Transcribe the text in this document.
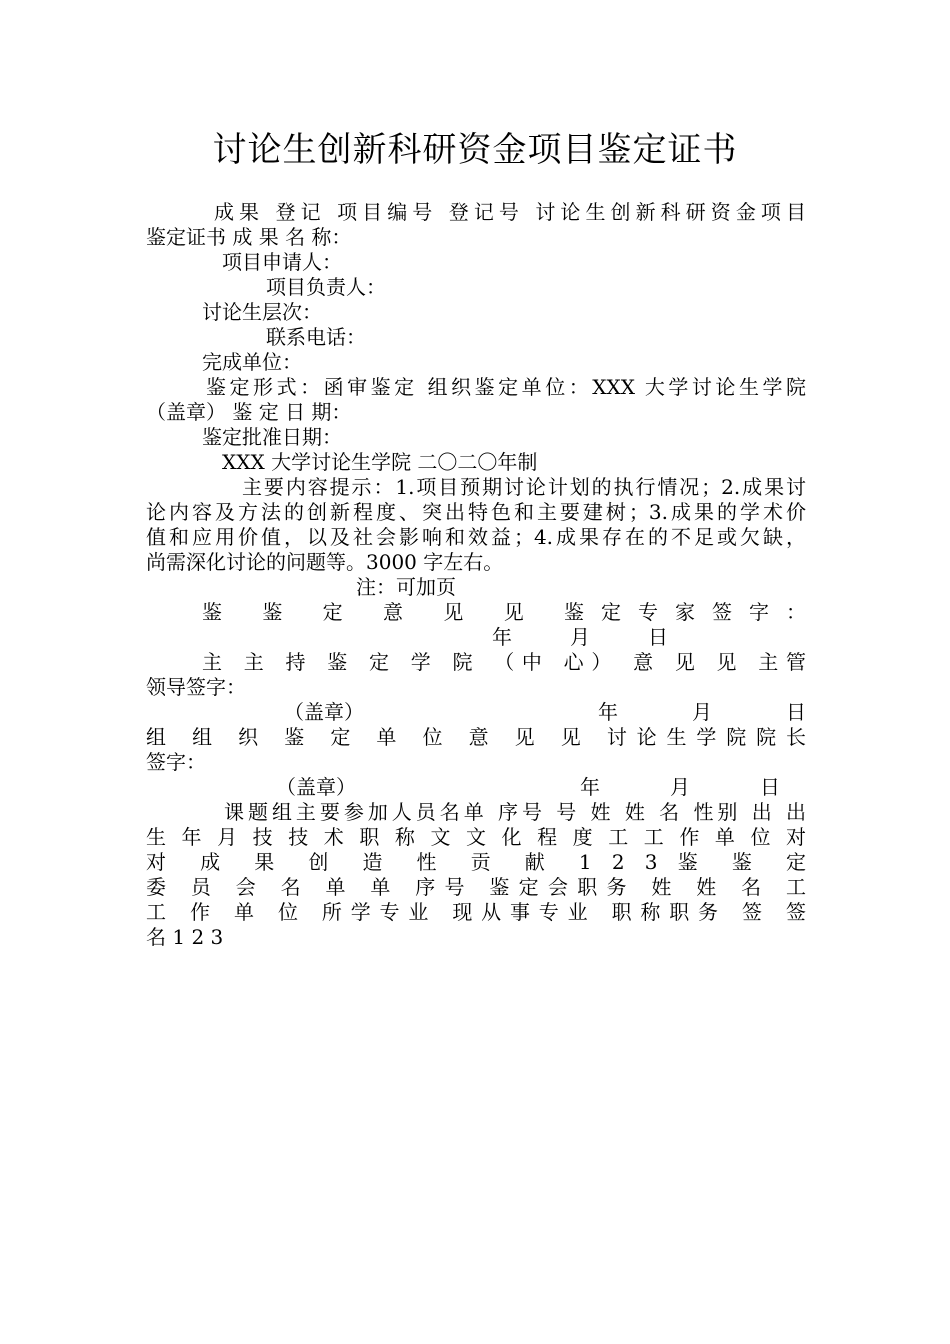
讨论生创新科研资金项目鉴定证书
成果 登记 项目编号 登记号 讨论生创新科研资金项目
鉴定证书 成 果 名 称：
项目申请人：
项目负责人：
讨论生层次：
联系电话：
完成单位：
鉴定形式：函审鉴定 组织鉴定单位：XXX 大学讨论生学院
（盖章） 鉴 定 日 期：
鉴定批准日期：
XXX 大学讨论生学院 二〇二〇年制
主要内容提示：1.项目预期讨论计划的执行情况；2.成果讨
论内容及方法的创新程度、突出特色和主要建树；3.成果的学术价
值和应用价值，以及社会影响和效益；4.成果存在的不足或欠缺，
尚需深化讨论的问题等。3000 字左右。
注：可加页
鉴 鉴 定 意 见 见 鉴定专家签字：
年 月 日
主 主 持 鉴 定 学 院 （中 心） 意 见 见 主管
领导签字：
（盖章）	年 月 日
组 组 织 鉴 定 单 位 意 见 见 讨论生学院院长
签字：
（盖章）	年 月 日
课题组主要参加人员名单 序号 号 姓 姓 名 性别 出 出
生 年 月 技 技 术 职 称 文 文 化 程 度 工 工 作 单 位 对
对 成 果 创 造 性 贡 献 1 2 3 鉴 鉴 定
委 员 会 名 单 单 序号 鉴定会职务 姓 姓 名 工
工 作 单 位 所学专业 现从事专业 职称职务 签 签
名 1 2 3
